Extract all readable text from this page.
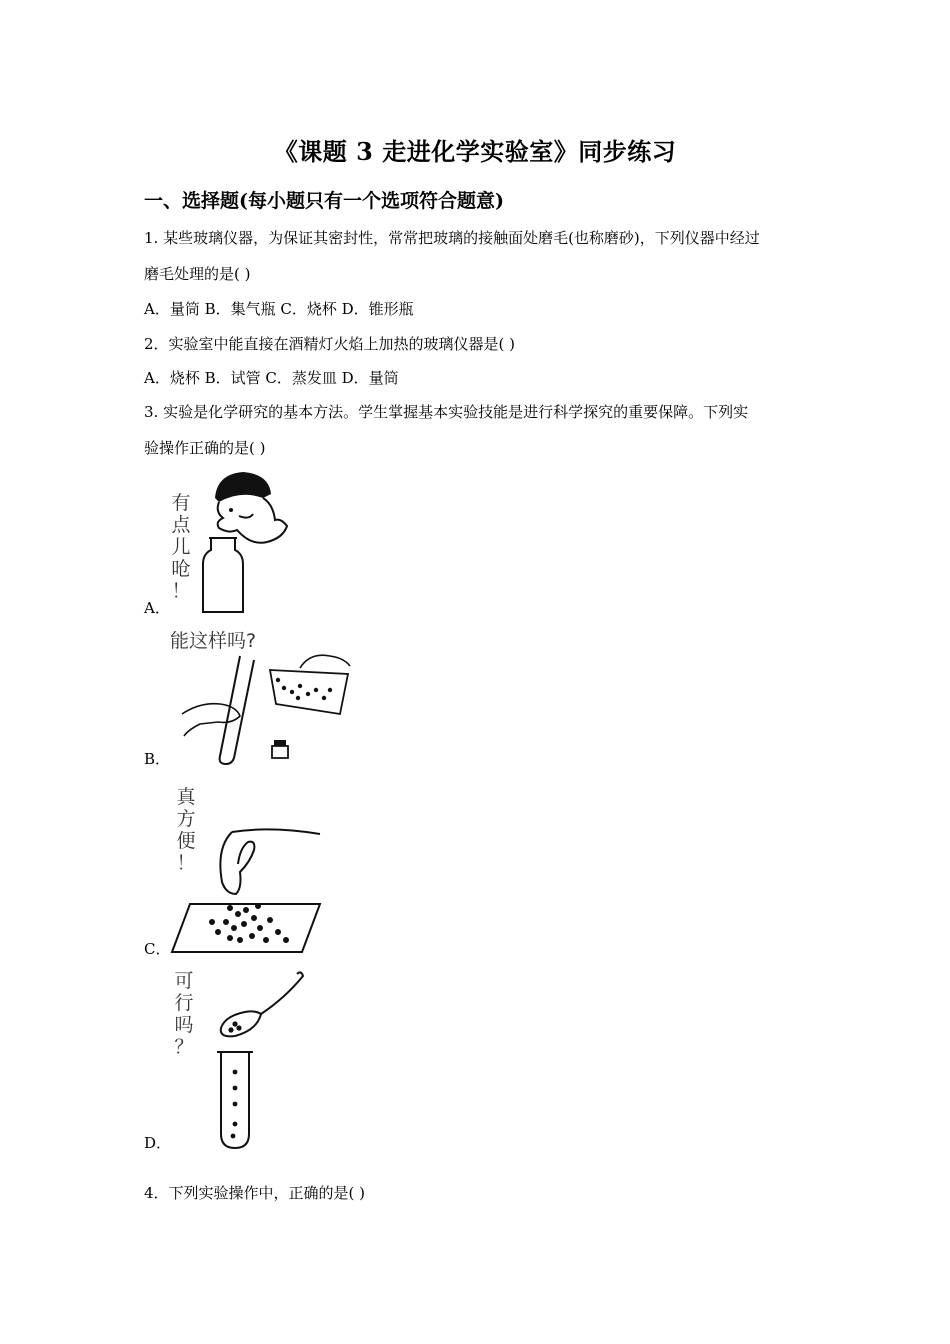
《课题 3 走进化学实验室》同步练习
一、选择题(每小题只有一个选项符合题意)
1. 某些玻璃仪器，为保证其密封性，常常把玻璃的接触面处磨毛(也称磨砂)，下列仪器中经过
磨毛处理的是( )
A．量筒 B．集气瓶 C．烧杯 D．锥形瓶
2．实验室中能直接在酒精灯火焰上加热的玻璃仪器是( )
A．烧杯 B．试管 C．蒸发皿 D．量筒
3. 实验是化学研究的基本方法。学生掌握基本实验技能是进行科学探究的重要保障。下列实
验操作正确的是( )
有
点
儿
呛
！
A．
能这样吗?
B．
真
方
便
！
C．
可
行
吗
？
D．
4．下列实验操作中，正确的是( )
